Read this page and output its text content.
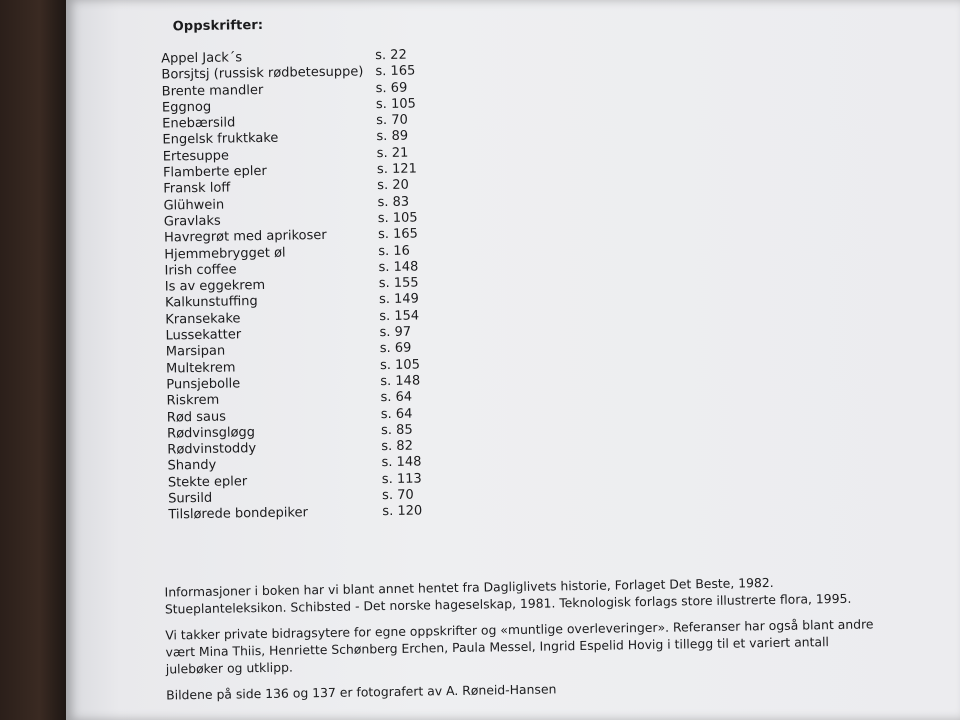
Oppskrifter:
Appel Jack´s	s. 22
Borsjtsj (russisk rødbetesuppe) s. 165
Brente mandler	s. 69
Eggnog	s. 105
Enebærsild	s. 70
Engelsk fruktkake	s. 89
Ertesuppe	s. 21
Flamberte epler	s. 121
Fransk loff	s. 20
Glühwein	s. 83
Gravlaks	s. 105
Havregrøt med aprikoser	s. 165
Hjemmebrygget øl	s. 16
Irish coffee	s. 148
Is av eggekrem	s. 155
Kalkunstuffing	s. 149
Kransekake	s. 154
Lussekatter	s. 97
Marsipan	s. 69
Multekrem	s. 105
Punsjebolle	s. 148
Riskrem	s. 64
Rød saus	s. 64
Rødvinsgløgg	s. 85
Rødvinstoddy	s. 82
Shandy	s. 148
Stekte epler	s. 113
Sursild	s. 70
Tilslørede bondepiker	s. 120

Informasjoner i boken har vi blant annet hentet fra Dagliglivets historie, Forlaget Det Beste, 1982. Stueplanteleksikon. Schibsted - Det norske hageselskap, 1981. Teknologisk forlags store illustrerte flora, 1995.

Vi takker private bidragsytere for egne oppskrifter og «muntlige overleveringer». Referanser har også blant andre vært Mina Thiis, Henriette Schønberg Erchen, Paula Messel, Ingrid Espelid Hovig i tillegg til et variert antall julebøker og utklipp.

Bildene på side 136 og 137 er fotografert av A. Røneid-Hansen
